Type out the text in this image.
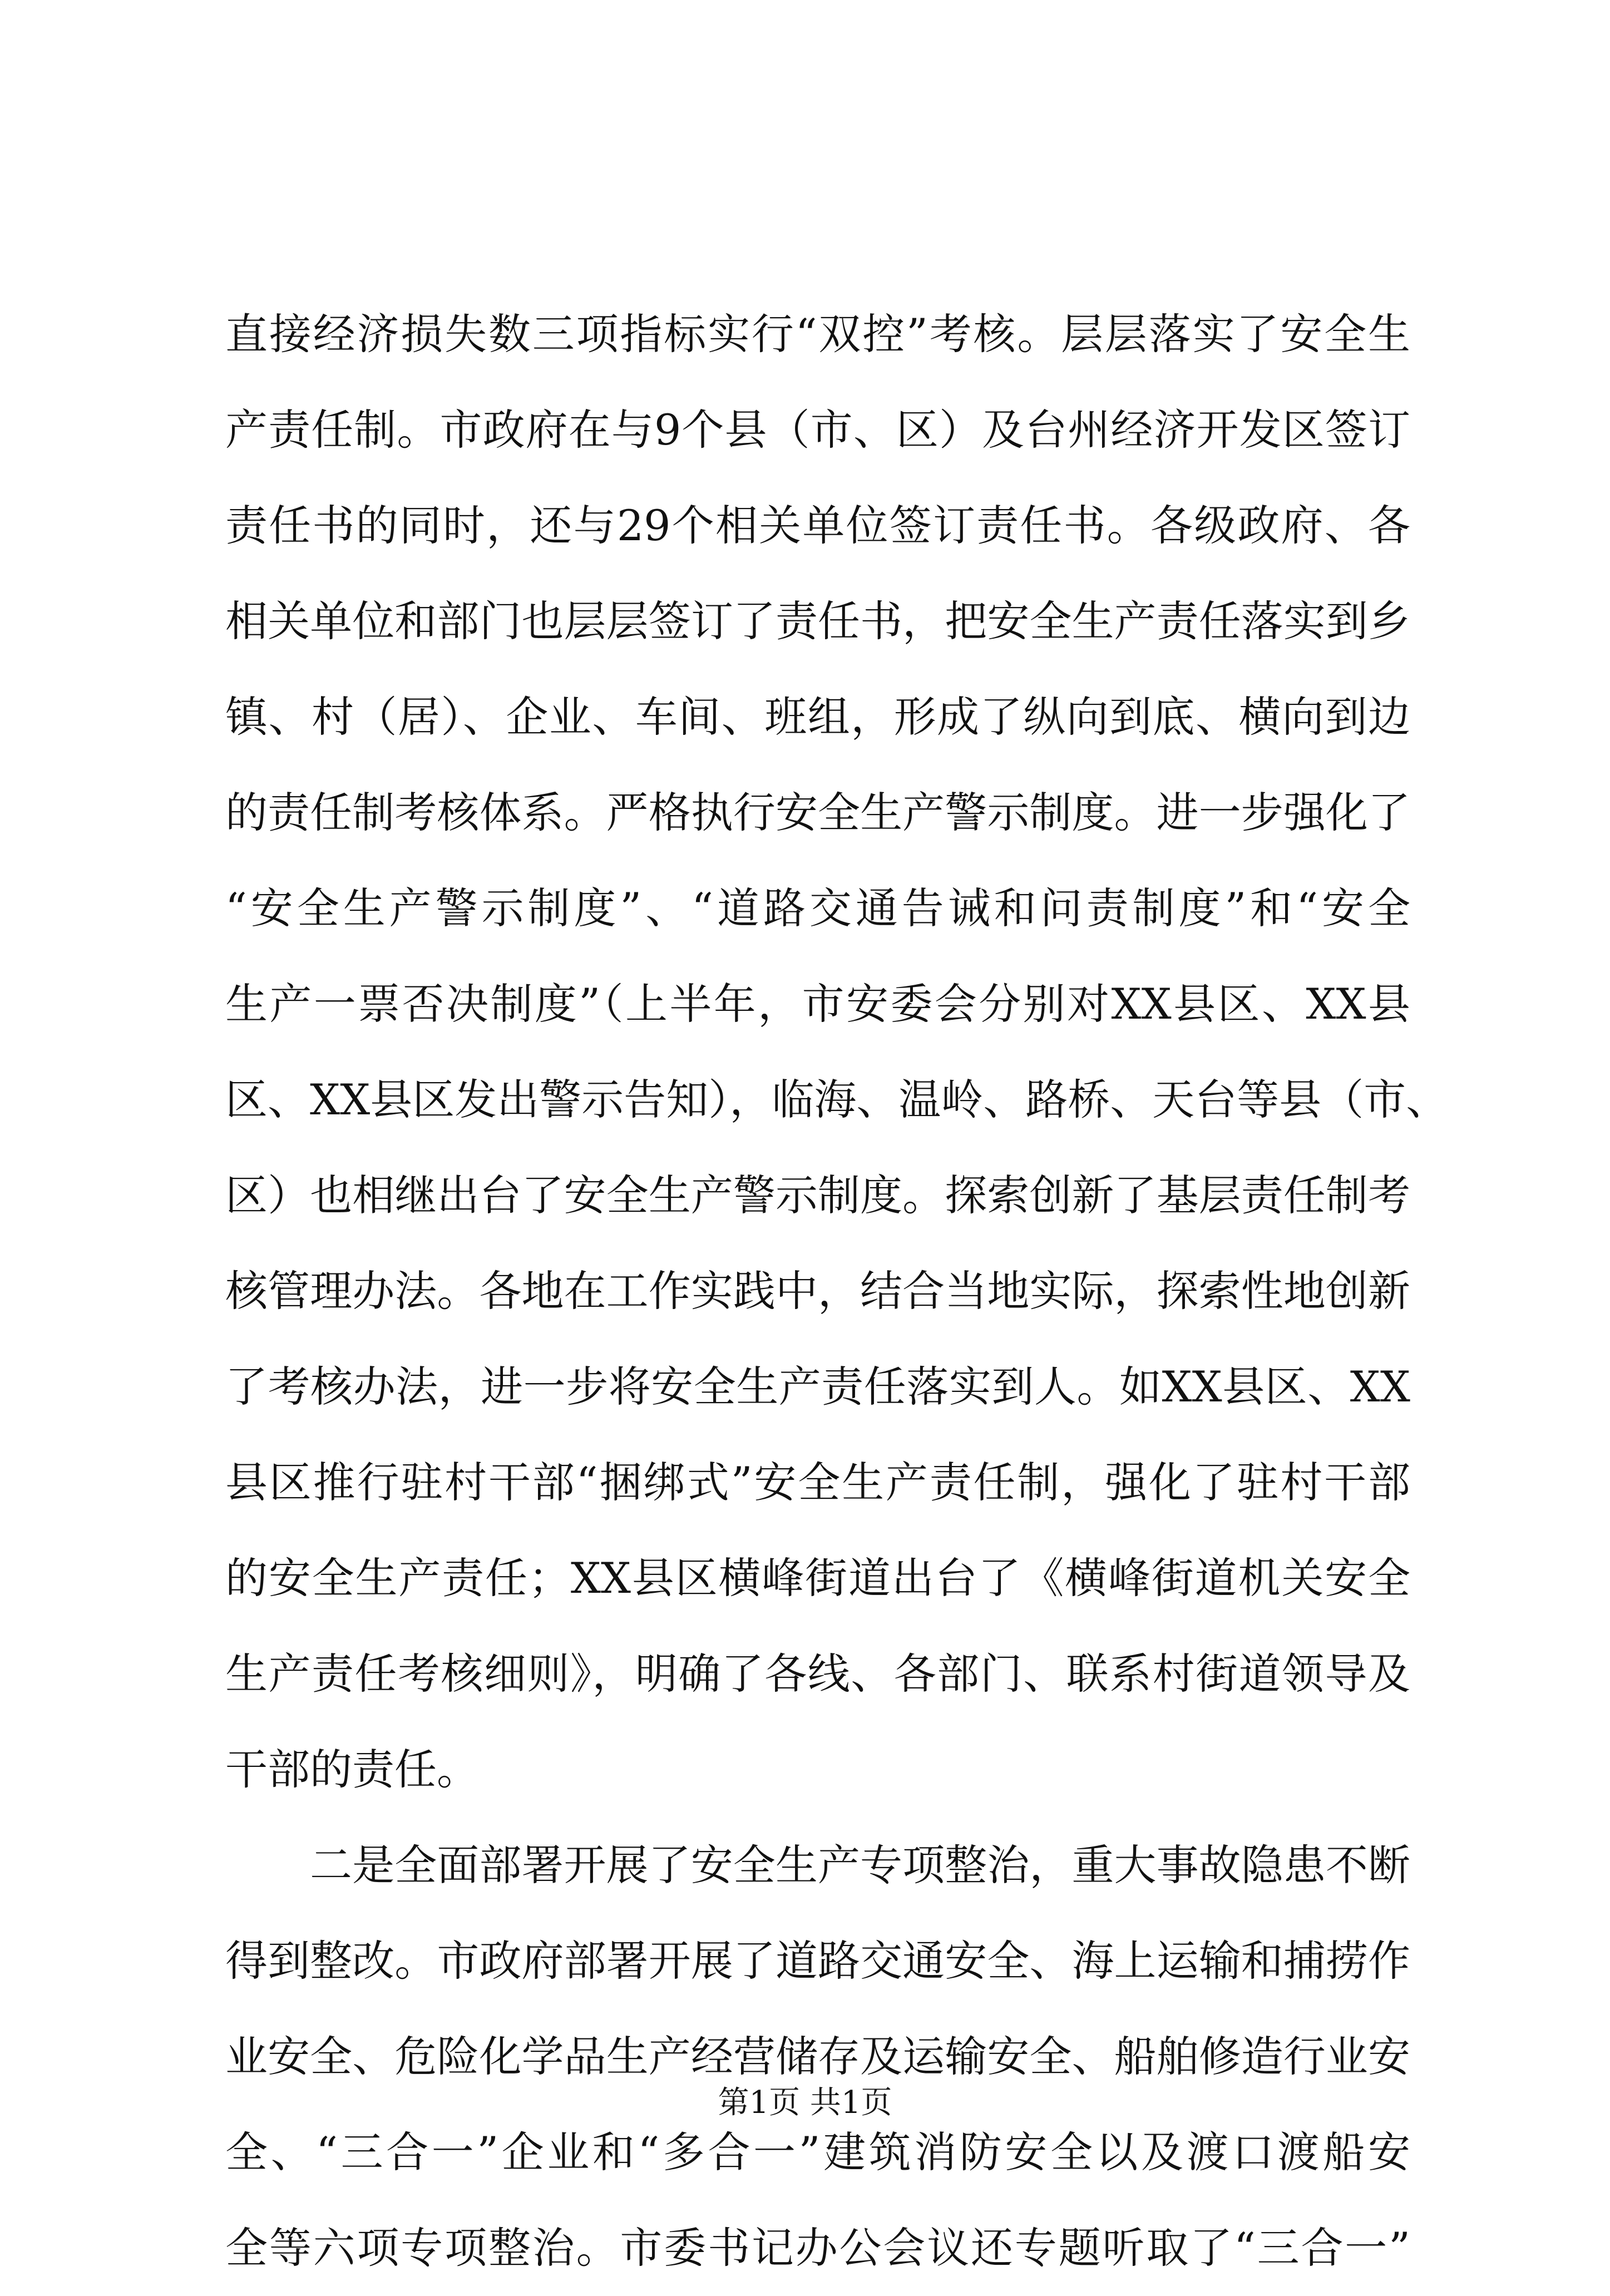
直接经济损失数三项指标实行“双控”考核。层层落实了安全生
产责任制。市政府在与9个县（市、区）及台州经济开发区签订
责任书的同时，还与29个相关单位签订责任书。各级政府、各
相关单位和部门也层层签订了责任书，把安全生产责任落实到乡
镇、村（居）、企业、车间、班组，形成了纵向到底、横向到边
的责任制考核体系。严格执行安全生产警示制度。进一步强化了
“安全生产警示制度”、“道路交通告诫和问责制度”和“安全
生产一票否决制度”（上半年，市安委会分别对XX县区、XX县
区、XX县区发出警示告知），临海、温岭、路桥、天台等县（市、
区）也相继出台了安全生产警示制度。探索创新了基层责任制考
核管理办法。各地在工作实践中，结合当地实际，探索性地创新
了考核办法，进一步将安全生产责任落实到人。如XX县区、XX
县区推行驻村干部“捆绑式”安全生产责任制，强化了驻村干部
的安全生产责任；XX县区横峰街道出台了《横峰街道机关安全
生产责任考核细则》，明确了各线、各部门、联系村街道领导及
干部的责任。
二是全面部署开展了安全生产专项整治，重大事故隐患不断
得到整改。市政府部署开展了道路交通安全、海上运输和捕捞作
业安全、危险化学品生产经营储存及运输安全、船舶修造行业安
全、“三合一”企业和“多合一”建筑消防安全以及渡口渡船安
全等六项专项整治。市委书记办公会议还专题听取了“三合一”
第1页 共1页
